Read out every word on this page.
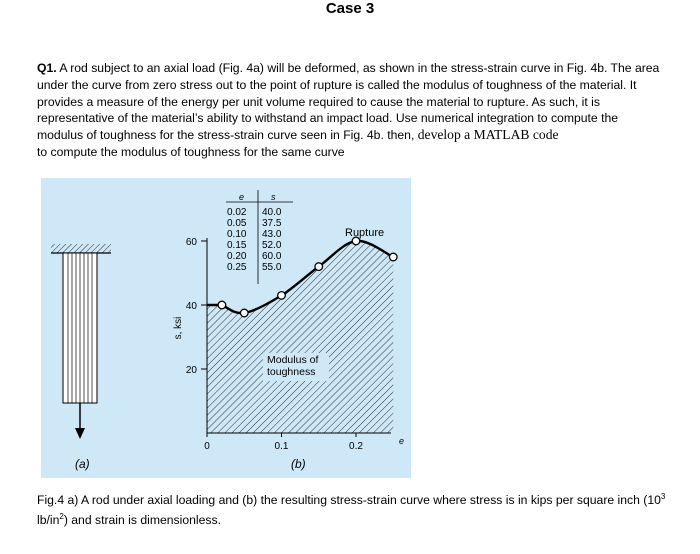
Case 3
Q1. A rod subject to an axial load (Fig. 4a) will be deformed, as shown in the stress-strain curve in Fig. 4b. The area under the curve from zero stress out to the point of rupture is called the modulus of toughness of the material. It provides a measure of the energy per unit volume required to cause the material to rupture. As such, it is representative of the material’s ability to withstand an impact load. Use numerical integration to compute the modulus of toughness for the stress-strain curve seen in Fig. 4b. then, develop a MATLAB code
to compute the modulus of toughness for the same curve
(a)
20
40
60
0	0.1	0.2
s, ksi
e
e	s
0.02 40.0
0.05 37.5
0.10 43.0
0.15 52.0
0.20 60.0
0.25 55.0
Rupture
Modulus of
toughness
(b)
Fig.4 a) A rod under axial loading and (b) the resulting stress-strain curve where stress is in kips per square inch ($10^3$ $lb/in^2$) and strain is dimensionless.
